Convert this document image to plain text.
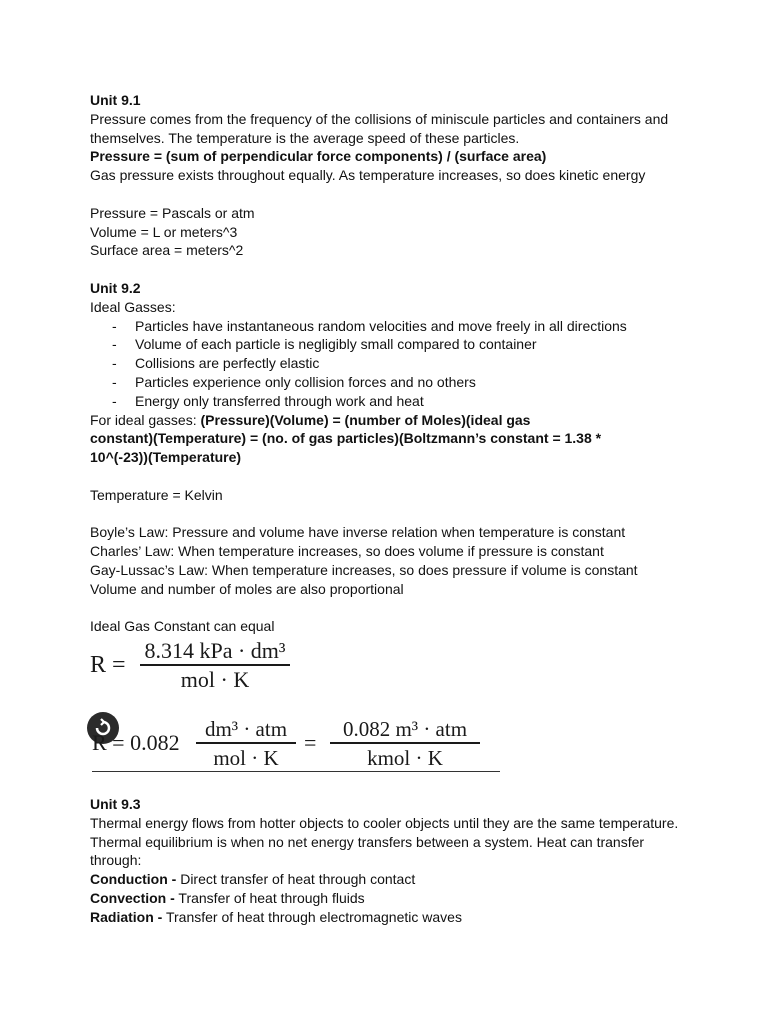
Unit 9.1
Pressure comes from the frequency of the collisions of miniscule particles and containers and
themselves. The temperature is the average speed of these particles.
Pressure = (sum of perpendicular force components) / (surface area)
Gas pressure exists throughout equally. As temperature increases, so does kinetic energy
Pressure = Pascals or atm
Volume = L or meters^3
Surface area = meters^2
Unit 9.2
Ideal Gasses:
- Particles have instantaneous random velocities and move freely in all directions
- Volume of each particle is negligibly small compared to container
- Collisions are perfectly elastic
- Particles experience only collision forces and no others
- Energy only transferred through work and heat
For ideal gasses: (Pressure)(Volume) = (number of Moles)(ideal gas
constant)(Temperature) = (no. of gas particles)(Boltzmann’s constant = 1.38 *
10^(-23))(Temperature)
Temperature = Kelvin
Boyle’s Law: Pressure and volume have inverse relation when temperature is constant
Charles’ Law: When temperature increases, so does volume if pressure is constant
Gay-Lussac’s Law: When temperature increases, so does pressure if volume is constant
Volume and number of moles are also proportional
Ideal Gas Constant can equal
R =
8.314 kPa · dm³
mol · K
R = 0.082
dm³ · atm
mol · K
=
0.082 m³ · atm
kmol · K
Unit 9.3
Thermal energy flows from hotter objects to cooler objects until they are the same temperature.
Thermal equilibrium is when no net energy transfers between a system. Heat can transfer
through:
Conduction - Direct transfer of heat through contact
Convection - Transfer of heat through fluids
Radiation - Transfer of heat through electromagnetic waves
